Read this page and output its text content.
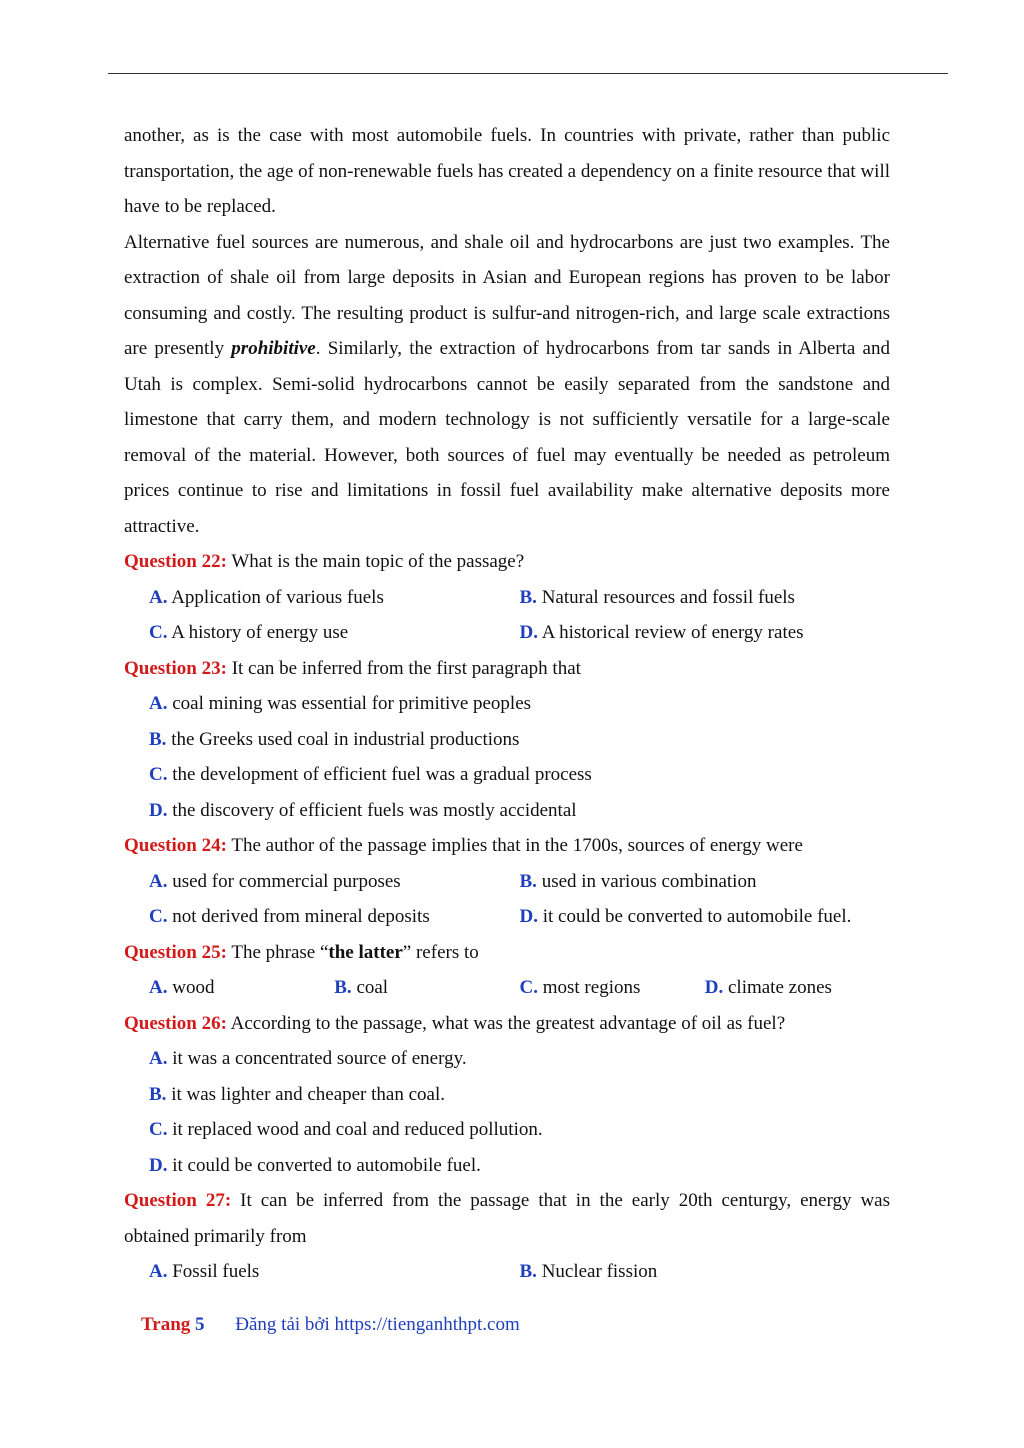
another, as is the case with most automobile fuels. In countries with private, rather than public transportation, the age of non-renewable fuels has created a dependency on a finite resource that will have to be replaced.

Alternative fuel sources are numerous, and shale oil and hydrocarbons are just two examples. The extraction of shale oil from large deposits in Asian and European regions has proven to be labor consuming and costly. The resulting product is sulfur-and nitrogen-rich, and large scale extractions are presently prohibitive. Similarly, the extraction of hydrocarbons from tar sands in Alberta and Utah is complex. Semi-solid hydrocarbons cannot be easily separated from the sandstone and limestone that carry them, and modern technology is not sufficiently versatile for a large-scale removal of the material. However, both sources of fuel may eventually be needed as petroleum prices continue to rise and limitations in fossil fuel availability make alternative deposits more attractive.

Question 22: What is the main topic of the passage?

A. Application of various fuels	B. Natural resources and fossil fuels
C. A history of energy use	D. A historical review of energy rates

Question 23: It can be inferred from the first paragraph that

A. coal mining was essential for primitive peoples
B. the Greeks used coal in industrial productions
C. the development of efficient fuel was a gradual process
D. the discovery of efficient fuels was mostly accidental

Question 24: The author of the passage implies that in the 1700s, sources of energy were

A. used for commercial purposes	B. used in various combination
C. not derived from mineral deposits	D. it could be converted to automobile fuel.

Question 25: The phrase “the latter” refers to

A. wood	B. coal	C. most regions	D. climate zones

Question 26: According to the passage, what was the greatest advantage of oil as fuel?

A. it was a concentrated source of energy.
B. it was lighter and cheaper than coal.
C. it replaced wood and coal and reduced pollution.
D. it could be converted to automobile fuel.

Question 27: It can be inferred from the passage that in the early 20th centurgy, energy was obtained primarily from

A. Fossil fuels	B. Nuclear fission
Trang 5 Đăng tải bởi https://tienganhthpt.com
